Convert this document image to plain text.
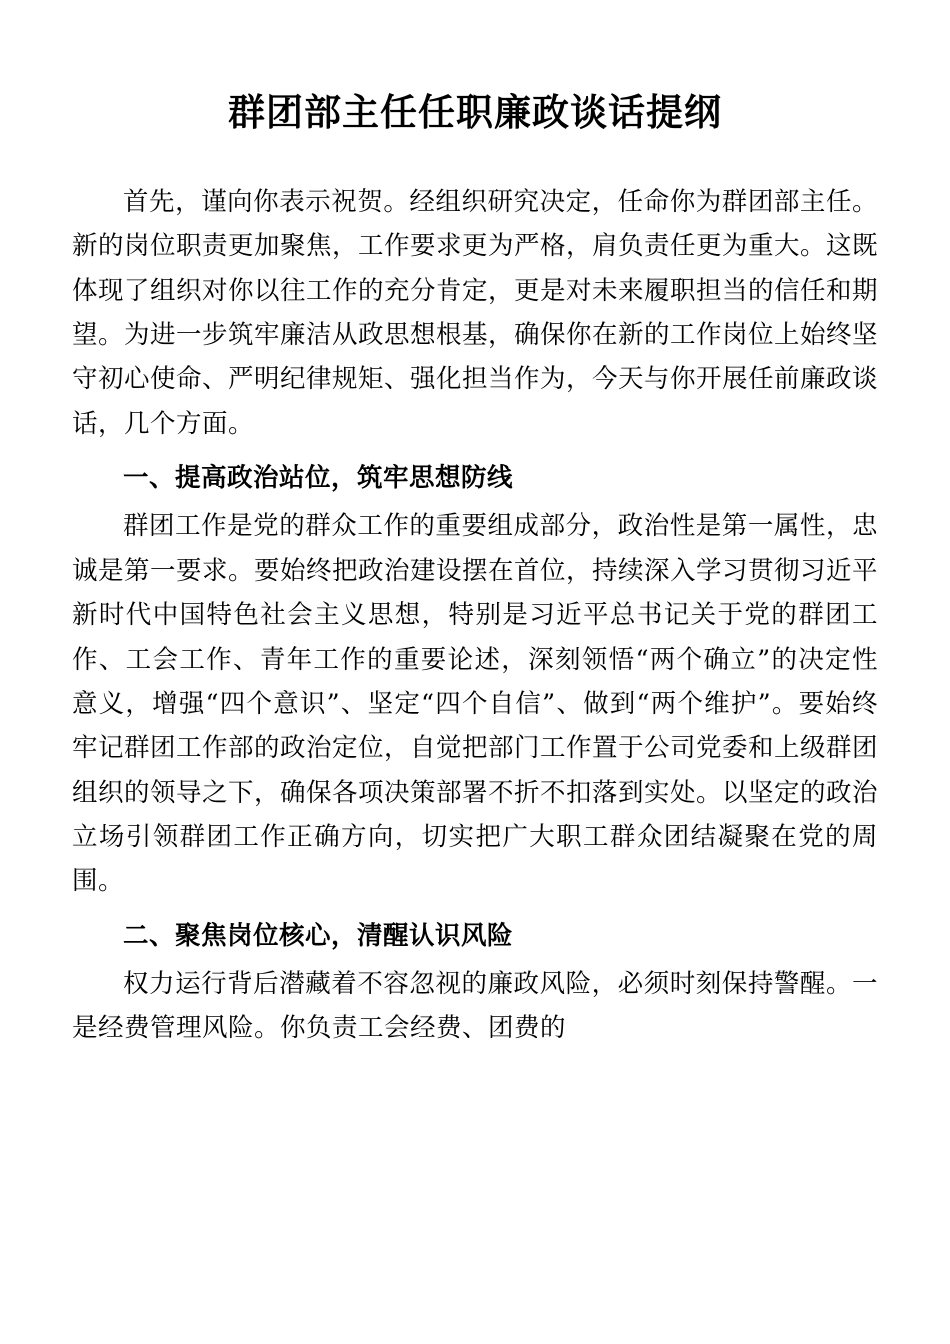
群团部主任任职廉政谈话提纲

首先，谨向你表示祝贺。经组织研究决定，任命你为群团部主任。新的岗位职责更加聚焦，工作要求更为严格，肩负责任更为重大。这既体现了组织对你以往工作的充分肯定，更是对未来履职担当的信任和期望。为进一步筑牢廉洁从政思想根基，确保你在新的工作岗位上始终坚守初心使命、严明纪律规矩、强化担当作为，今天与你开展任前廉政谈话，几个方面。

一、提高政治站位，筑牢思想防线

群团工作是党的群众工作的重要组成部分，政治性是第一属性，忠诚是第一要求。要始终把政治建设摆在首位，持续深入学习贯彻习近平新时代中国特色社会主义思想，特别是习近平总书记关于党的群团工作、工会工作、青年工作的重要论述，深刻领悟“两个确立”的决定性意义，增强“四个意识”、坚定“四个自信”、做到“两个维护”。要始终牢记群团工作部的政治定位，自觉把部门工作置于公司党委和上级群团组织的领导之下，确保各项决策部署不折不扣落到实处。以坚定的政治立场引领群团工作正确方向，切实把广大职工群众团结凝聚在党的周围。

二、聚焦岗位核心，清醒认识风险

权力运行背后潜藏着不容忽视的廉政风险，必须时刻保持警醒。一是经费管理风险。你负责工会经费、团费的
